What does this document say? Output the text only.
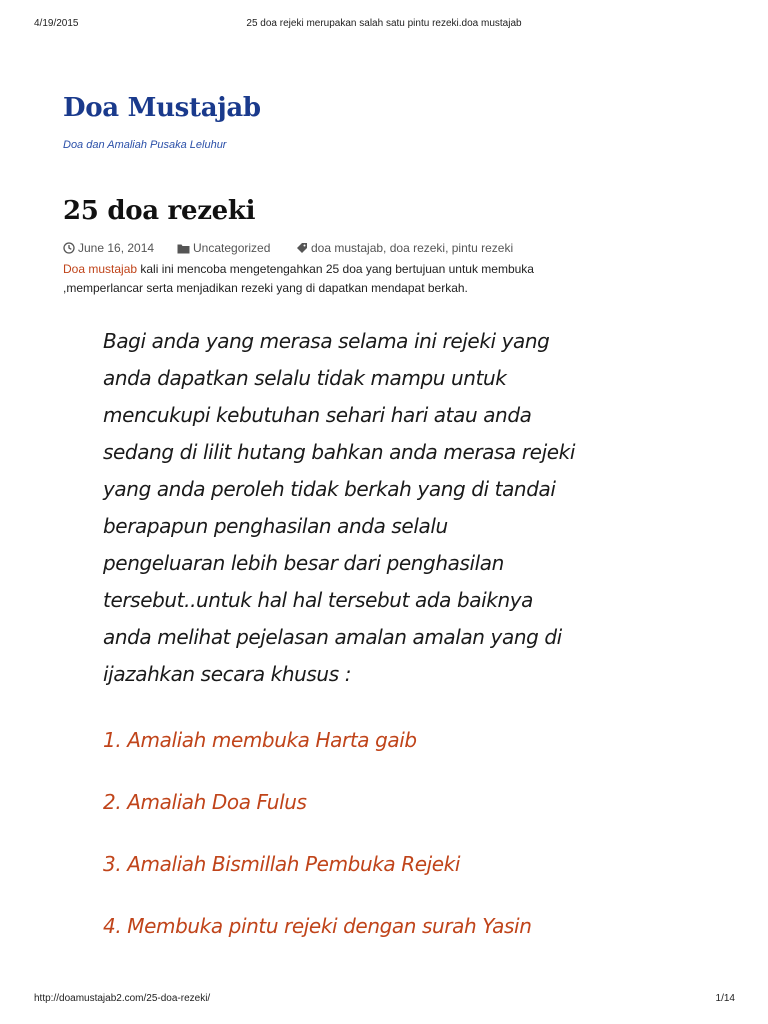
4/19/2015	25 doa rejeki merupakan salah satu pintu rezeki.doa mustajab
Doa Mustajab
Doa dan Amaliah Pusaka Leluhur
25 doa rezeki
June 16, 2014	Uncategorized	doa mustajab, doa rezeki, pintu rezeki
Doa mustajab kali ini mencoba mengetengahkan 25 doa yang bertujuan untuk membuka
,memperlancar serta menjadikan rezeki yang di dapatkan mendapat berkah.
Bagi anda yang merasa selama ini rejeki yang
anda dapatkan selalu tidak mampu untuk
mencukupi kebutuhan sehari hari atau anda
sedang di lilit hutang bahkan anda merasa rejeki
yang anda peroleh tidak berkah yang di tandai
berapapun penghasilan anda selalu
pengeluaran lebih besar dari penghasilan
tersebut..untuk hal hal tersebut ada baiknya
anda melihat pejelasan amalan amalan yang di
ijazahkan secara khusus :
1. Amaliah membuka Harta gaib
2. Amaliah Doa Fulus
3. Amaliah Bismillah Pembuka Rejeki
4. Membuka pintu rejeki dengan surah Yasin
http://doamustajab2.com/25-doa-rezeki/	1/14
